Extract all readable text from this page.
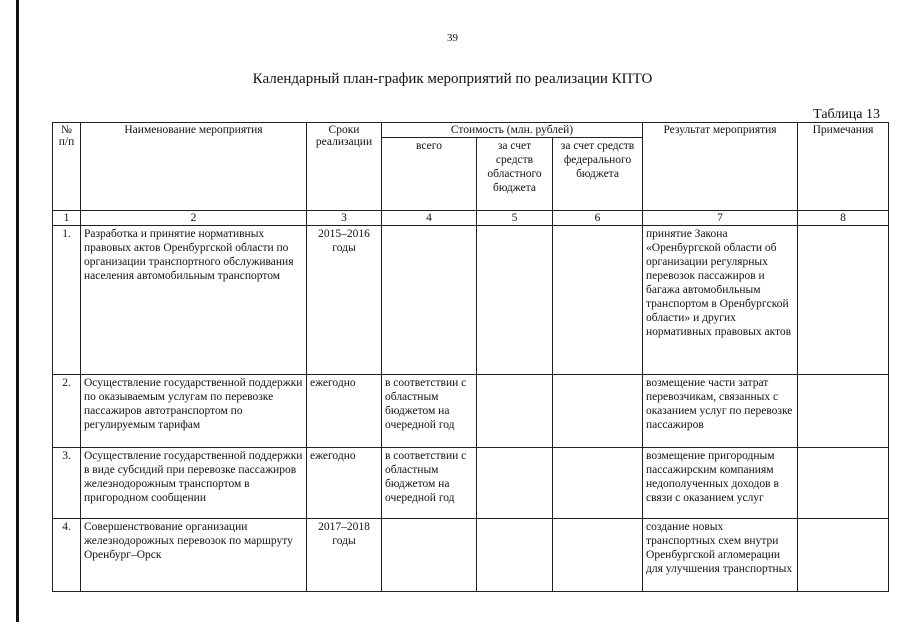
39
Календарный план-график мероприятий по реализации КПТО
Таблица 13
№ п/п	Наименование мероприятия	Сроки реализации	Стоимость (млн. рублей)			Результат мероприятия	Примечания
			всего	за счет средств областного бюджета	за счет средств федерального бюджета		
1	2	3	4	5	6	7	8
1.	Разработка и принятие нормативных правовых актов Оренбургской области по организации транспортного обслуживания населения автомобильным транспортом	2015–2016 годы				принятие Закона «Оренбургской области об организации регулярных перевозок пассажиров и багажа автомобильным транспортом в Оренбургской области» и других нормативных правовых актов	
2.	Осуществление государственной поддержки по оказываемым услугам по перевозке пассажиров автотранспортом по регулируемым тарифам	ежегодно	в соответствии с областным бюджетом на очередной год			возмещение части затрат перевозчикам, связанных с оказанием услуг по перевозке пассажиров	
3.	Осуществление государственной поддержки в виде субсидий при перевозке пассажиров железнодорожным транспортом в пригородном сообщении	ежегодно	в соответствии с областным бюджетом на очередной год			возмещение пригородным пассажирским компаниям недополученных доходов в связи с оказанием услуг	
4.	Совершенствование организации железнодорожных перевозок по маршруту Оренбург–Орск	2017–2018 годы				создание новых транспортных схем внутри Оренбургской агломерации для улучшения транспортных	
